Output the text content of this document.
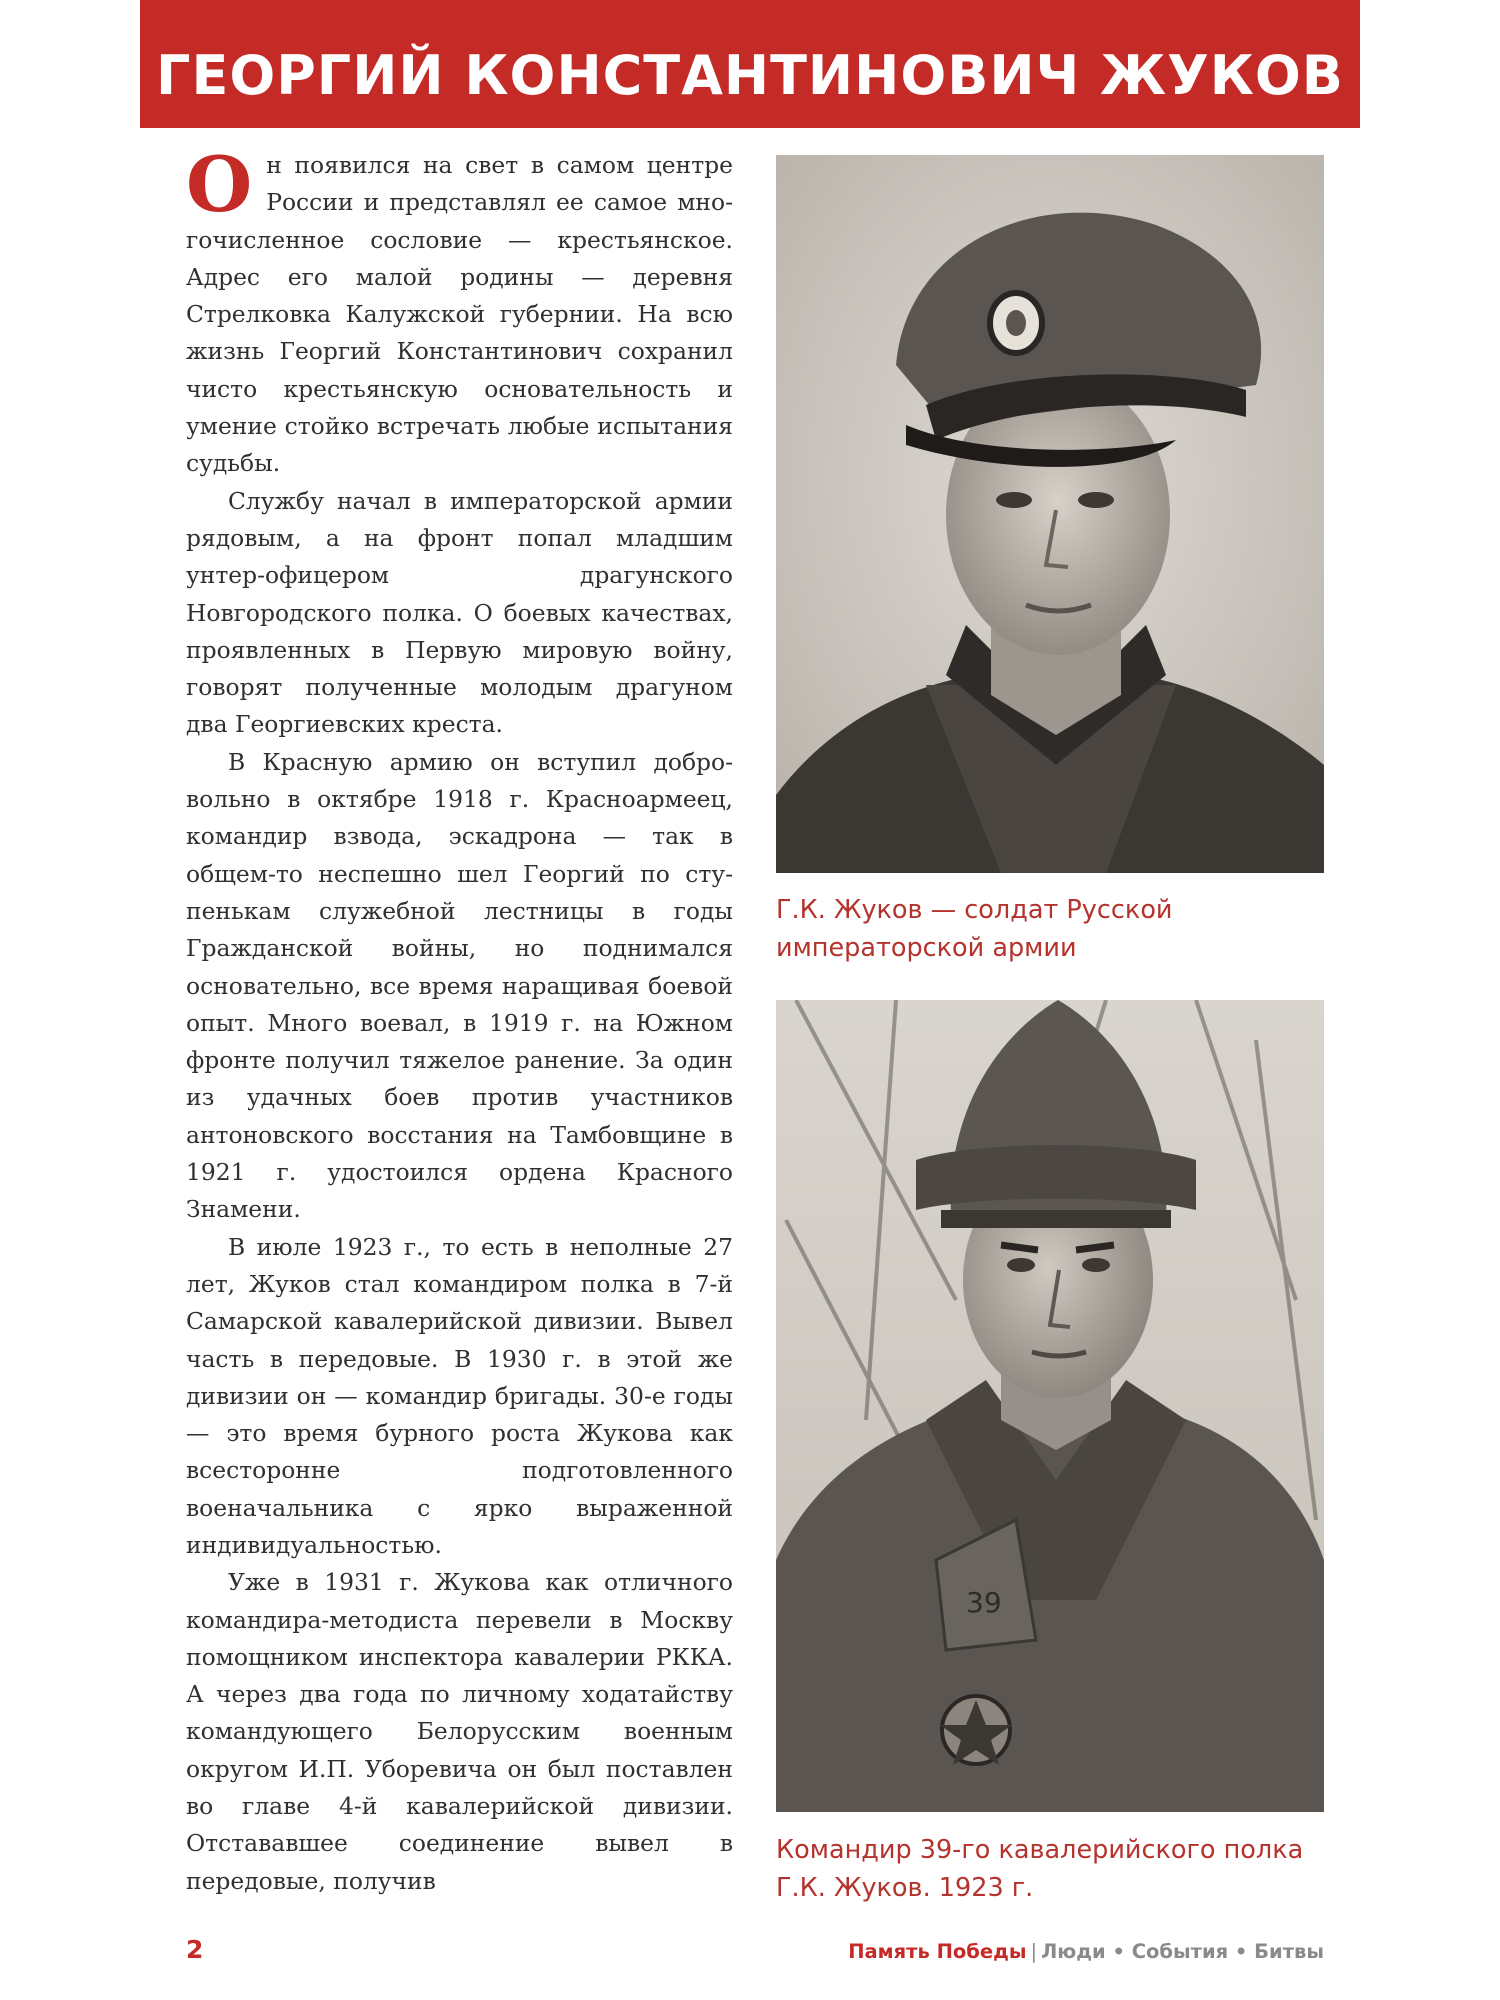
ГЕОРГИЙ КОНСТАНТИНОВИЧ ЖУКОВ

Он появился на свет в самом центре России и представлял ее самое многочисленное сословие — крестьянское. Адрес его малой родины — деревня Стрелковка Калужской губернии. На всю жизнь Георгий Константинович сохранил чисто крестьянскую основательность и умение стойко встречать любые испытания судьбы.

Службу начал в императорской армии рядовым, а на фронт попал младшим унтер-офицером драгунского Новгородского полка. О боевых качествах, проявленных в Первую мировую войну, говорят полученные молодым драгуном два Георгиевских креста.

В Красную армию он вступил добровольно в октябре 1918 г. Красноармеец, командир взвода, эскадрона — так в общем-то неспешно шел Георгий по ступенькам служебной лестницы в годы Гражданской войны, но поднимался основательно, все время наращивая боевой опыт. Много воевал, в 1919 г. на Южном фронте получил тяжелое ранение. За один из удачных боев против участников антоновского восстания на Тамбовщине в 1921 г. удостоился ордена Красного Знамени.

В июле 1923 г., то есть в неполные 27 лет, Жуков стал командиром полка в 7-й Самарской кавалерийской дивизии. Вывел часть в передовые. В 1930 г. в этой же дивизии он — командир бригады. 30-е годы — это время бурного роста Жукова как всесторонне подготовленного военачальника с ярко выраженной индивидуальностью.

Уже в 1931 г. Жукова как отличного командира-методиста перевели в Москву помощником инспектора кавалерии РККА. А через два года по личному ходатайству командующего Белорусским военным округом И.П. Уборевича он был поставлен во главе 4-й кавалерийской дивизии. Отстававшее соединение вывел в передовые, получив

Г.К. Жуков — солдат Русской императорской армии
39
Командир 39-го кавалерийского полка Г.К. Жуков. 1923 г.
2	Память Победы | Люди • События • Битвы
